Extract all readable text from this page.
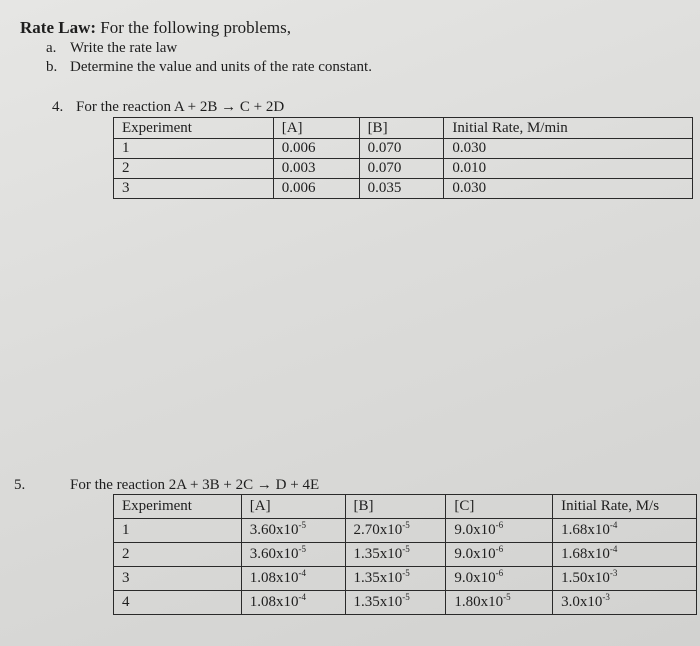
Rate Law: For the following problems,
a. Write the rate law
b. Determine the value and units of the rate constant.
4. For the reaction A + 2B → C + 2D
Experiment	[A]	[B]	Initial Rate, M/min
1	0.006	0.070	0.030
2	0.003	0.070	0.010
3	0.006	0.035	0.030
5.	For the reaction 2A + 3B + 2C → D + 4E
Experiment	[A]	[B]	[C]	Initial Rate, M/s
1	$3.60x10^{-5}$	$2.70x10^{-5}$	$9.0x10^{-6}$	$1.68x10^{-4}$
2	$3.60x10^{-5}$	$1.35x10^{-5}$	$9.0x10^{-6}$	$1.68x10^{-4}$
3	$1.08x10^{-4}$	$1.35x10^{-5}$	$9.0x10^{-6}$	$1.50x10^{-3}$
4	$1.08x10^{-4}$	$1.35x10^{-5}$	$1.80x10^{-5}$	$3.0x10^{-3}$
